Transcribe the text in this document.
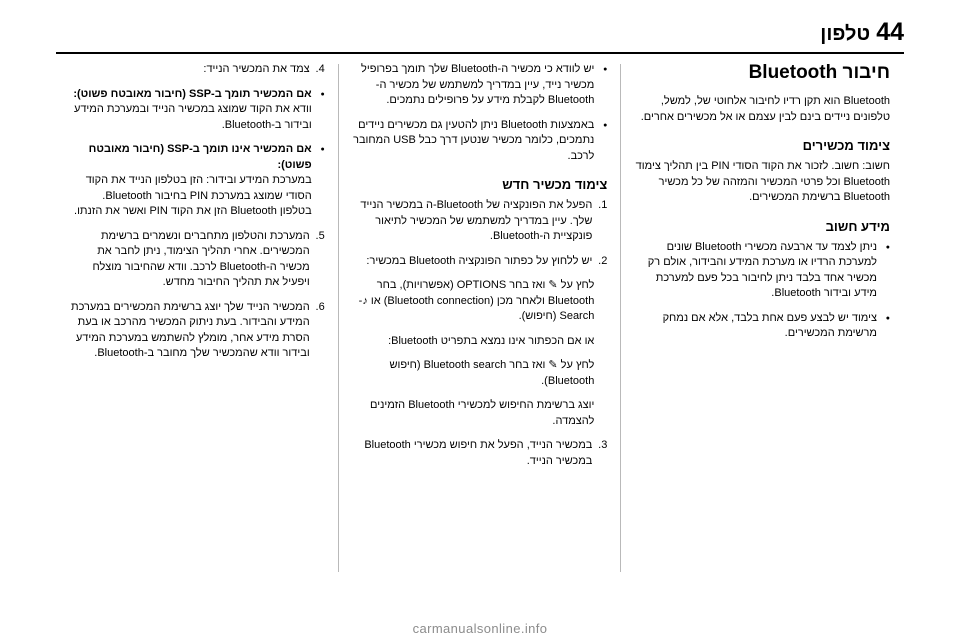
44
טלפון
חיבור Bluetooth

Bluetooth הוא תקן רדיו לחיבור אלחוטי של, למשל, טלפונים ניידים בינם לבין עצמם או אל מכשירים אחרים.

צימוד מכשירים

חשוב: חשוב. לזכור את הקוד הסודי PIN בין תהליך צימוד Bluetooth וכל פרטי המכשיר והמזהה של כל מכשיר Bluetooth ברשימת המכשירים.

מידע חשוב
● ניתן לצמד עד ארבעה מכשירי Bluetooth שונים למערכת הרדיו או מערכת המידע והבידור, אולם רק מכשיר אחד בלבד ניתן לחיבור בכל פעם למערכת מידע ובידור Bluetooth.
● צימוד יש לבצע פעם אחת בלבד, אלא אם נמחק מרשימת המכשירים.
● יש לוודא כי מכשיר ה-Bluetooth שלך תומך בפרופיל מכשיר נייד, עיין במדריך למשתמש של מכשיר ה-Bluetooth לקבלת מידע על פרופילים נתמכים.
● באמצעות Bluetooth ניתן להטעין גם מכשירים ניידים נתמכים, כלומר מכשיר שנטען דרך כבל USB המחובר לרכב.
צימוד מכשיר חדש
1.
הפעל את הפונקציה של Bluetooth-ה במכשיר הנייד שלך. עיין במדריך למשתמש של המכשיר לתיאור פונקציית ה-Bluetooth.
2.
יש ללחוץ על כפתור הפונקציה Bluetooth במכשיר:

לחץ על ✎ ואז בחר OPTIONS (אפשרויות), בחר Bluetooth ולאחר מכן (Bluetooth connection) או ♪- Search (חיפוש).

או אם הכפתור אינו נמצא בתפריט Bluetooth:

לחץ על ✎ ואז בחר Bluetooth search (חיפוש Bluetooth).

יוצג ברשימת החיפוש למכשירי Bluetooth הזמינים להצמדה.

3.
במכשיר הנייד, הפעל את חיפוש מכשירי Bluetooth במכשיר הנייד.
4.
צמד את המכשיר הנייד:
● אם המכשיר תומך ב-SSP (חיבור מאובטח פשוט):
וודא את הקוד שמוצג במכשיר הנייד ובמערכת המידע ובידור ב-Bluetooth.
● אם המכשיר אינו תומך ב-SSP (חיבור מאובטח פשוט):
במערכת המידע ובידור: הזן בטלפון הנייד את הקוד הסודי שמוצג במערכת PIN בחיבור Bluetooth.
בטלפון Bluetooth הזן את הקוד PIN ואשר את הזנתו.
5.
המערכת והטלפון מתחברים ונשמרים ברשימת המכשירים. אחרי תהליך הצימוד, ניתן לחבר את מכשיר ה-Bluetooth לרכב. וודא שהחיבור מוצלח ויפעיל את תהליך החיבור מחדש.
6.
המכשיר הנייד שלך יוצג ברשימת המכשירים במערכת המידע והבידור. בעת ניתוק המכשיר מהרכב או בעת הסרת מידע אחר, מומלץ להשתמש במערכת המידע ובידור וודא שהמכשיר שלך מחובר ב-Bluetooth.
carmanualsonline.info
